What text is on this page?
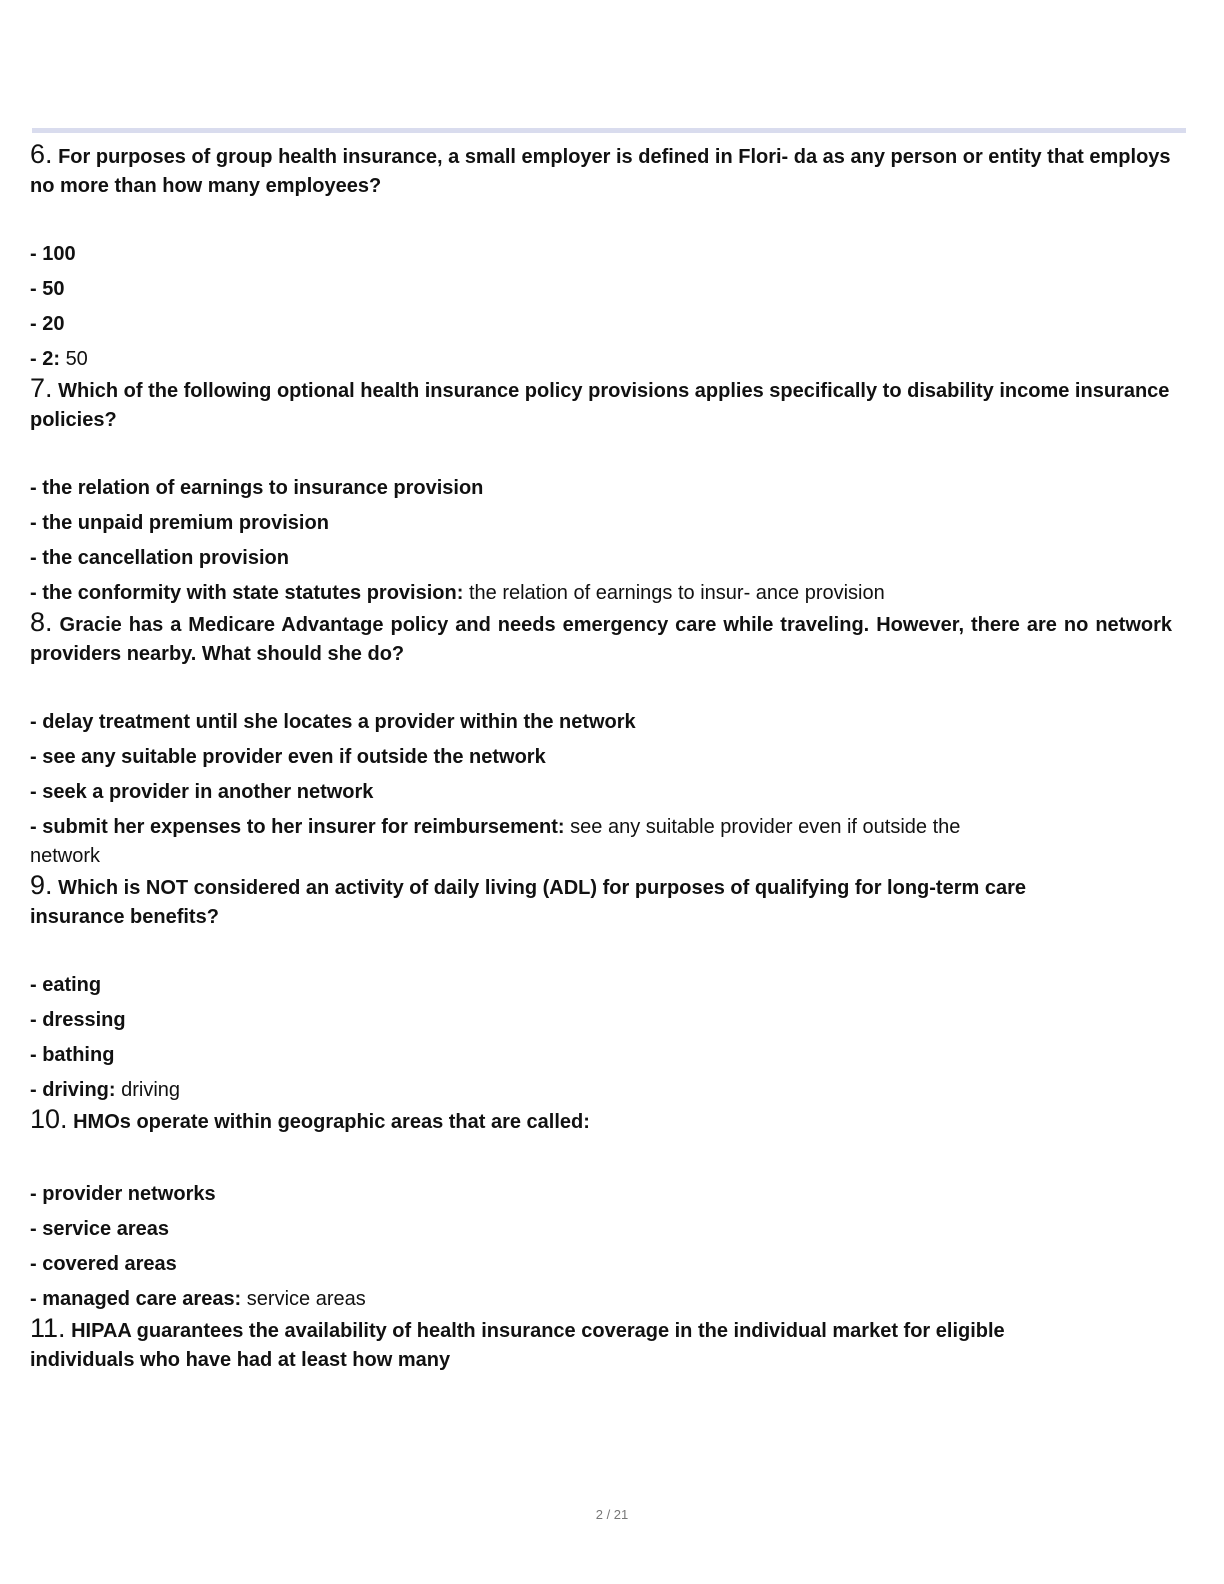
6. For purposes of group health insurance, a small employer is defined in Flori- da as any person or entity that employs no more than how many employees?

- 100

- 50

- 20

- 2: 50

7. Which of the following optional health insurance policy provisions applies specifically to disability income insurance policies?

- the relation of earnings to insurance provision

- the unpaid premium provision

- the cancellation provision

- the conformity with state statutes provision: the relation of earnings to insur- ance provision

8. Gracie has a Medicare Advantage policy and needs emergency care while traveling. However, there are no network providers nearby. What should she do?

- delay treatment until she locates a provider within the network

- see any suitable provider even if outside the network

- seek a provider in another network

- submit her expenses to her insurer for reimbursement: see any suitable provider even if outside the network

9. Which is NOT considered an activity of daily living (ADL) for purposes of qualifying for long-term care insurance benefits?

- eating

- dressing

- bathing

- driving: driving

10. HMOs operate within geographic areas that are called:

- provider networks

- service areas

- covered areas

- managed care areas: service areas

11. HIPAA guarantees the availability of health insurance coverage in the individual market for eligible individuals who have had at least how many

2 / 21
